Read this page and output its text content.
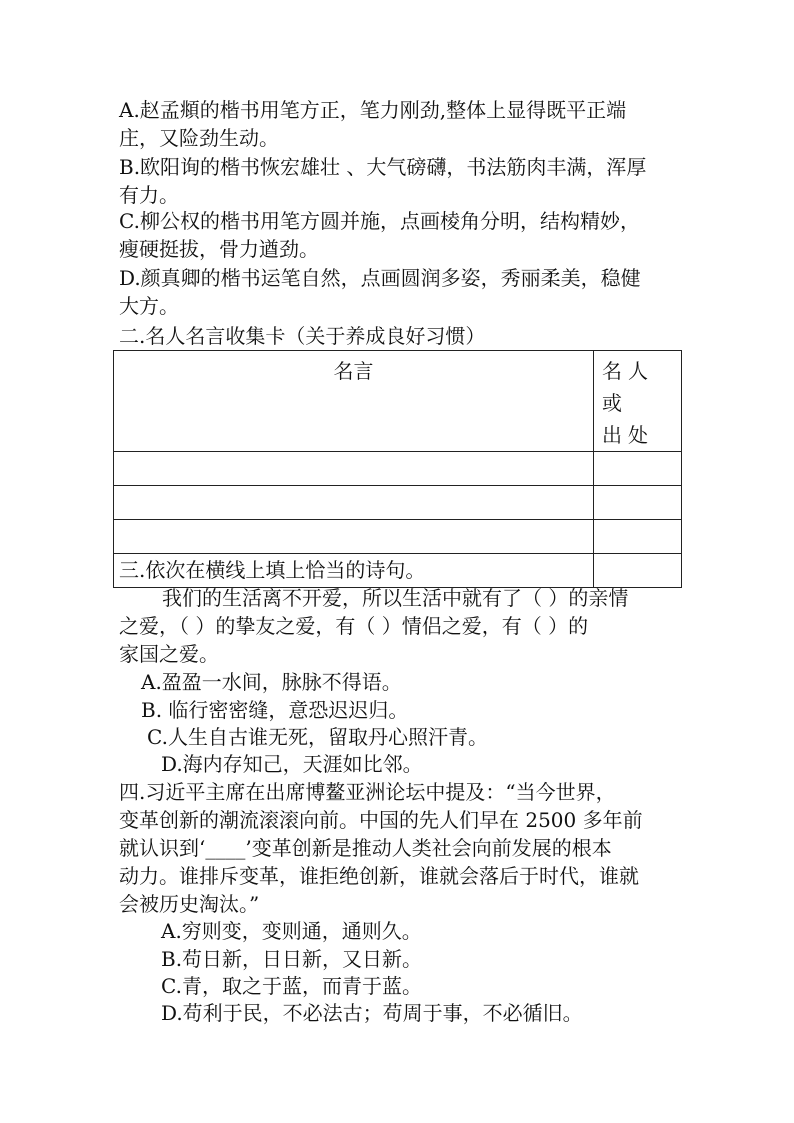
A.赵孟頫的楷书用笔方正，笔力刚劲,整体上显得既平正端
庄，又险劲生动。
B.欧阳询的楷书恢宏雄壮 、大气磅礴，书法筋肉丰满，浑厚
有力。
C.柳公权的楷书用笔方圆并施，点画棱角分明，结构精妙，
瘦硬挺拔，骨力遒劲。
D.颜真卿的楷书运笔自然，点画圆润多姿，秀丽柔美，稳健
大方。
二.名人名言收集卡（关于养成良好习惯）
名言	名人或
出处

三.依次在横线上填上恰当的诗句。
我们的生活离不开爱，所以生活中就有了（ ）的亲情
之爱，（ ）的挚友之爱，有（ ）情侣之爱，有（ ）的
家国之爱。
A.盈盈一水间，脉脉不得语。
B. 临行密密缝，意恐迟迟归。
C.人生自古谁无死，留取丹心照汗青。
D.海内存知己，天涯如比邻。
四.习近平主席在出席博鳌亚洲论坛中提及：“当今世界，
变革创新的潮流滚滚向前。中国的先人们早在 2500 多年前
就认识到‘____’变革创新是推动人类社会向前发展的根本
动力。谁排斥变革，谁拒绝创新，谁就会落后于时代，谁就
会被历史淘汰。”
A.穷则变，变则通，通则久。
B.苟日新，日日新，又日新。
C.青，取之于蓝，而青于蓝。
D.苟利于民，不必法古；苟周于事，不必循旧。
